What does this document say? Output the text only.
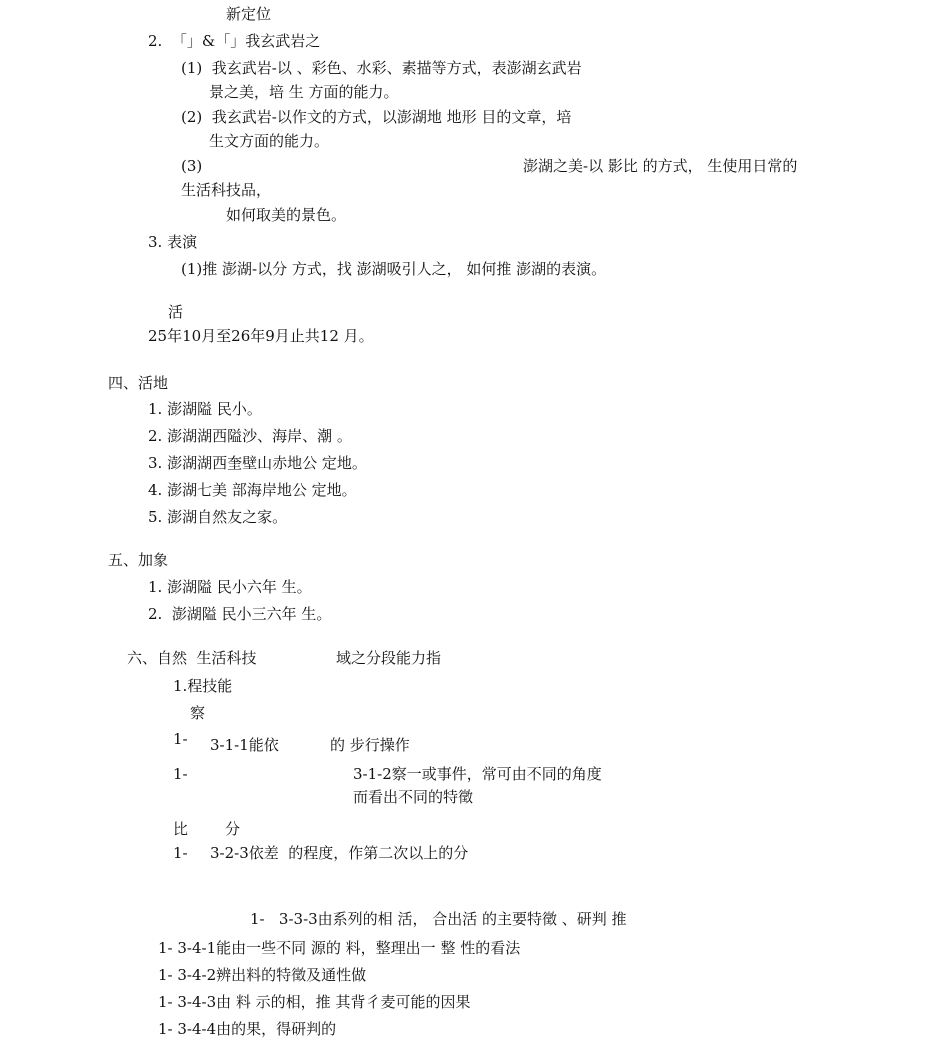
新定位

2.  「」&「」我玄武岩之

(1)  我玄武岩-以 、彩色、水彩、素描等方式，表澎湖玄武岩

景之美，培 生 方面的能力。

(2)  我玄武岩-以作文的方式，以澎湖地 地形 目的文章，培

生文方面的能力。

(3)	澎湖之美-以 影比 的方式， 生使用日常的

生活科技品，

如何取美的景色。

3. 表演

(1)推 澎湖-以分 方式，找 澎湖吸引人之， 如何推 澎湖的表演。

活

25年10月至26年9月止共12 月。

四、活地

1. 澎湖隘 民小。

2. 澎湖湖西隘沙、海岸、潮 。

3. 澎湖湖西奎壁山赤地公 定地。

4. 澎湖七美 部海岸地公 定地。

5. 澎湖自然友之家。

五、加象

1. 澎湖隘 民小六年 生。

2.  澎湖隘 民小三六年 生。

六、自然  生活科技	域之分段能力指

1.程技能

察

1- 3-1-1能依	的 步行操作

1-	3-1-2察一或事件，常可由不同的角度

而看出不同的特徵

比 分

1- 3-2-3依差  的程度，作第二次以上的分

1-   3-3-3由系列的相 活， 合出活 的主要特徵 、研判 推

1- 3-4-1能由一些不同 源的 料，整理出一 整 性的看法

1- 3-4-2辨出料的特徵及通性做

1- 3-4-3由 料 示的相，推 其背彳麦可能的因果

1- 3-4-4由的果，得研判的
